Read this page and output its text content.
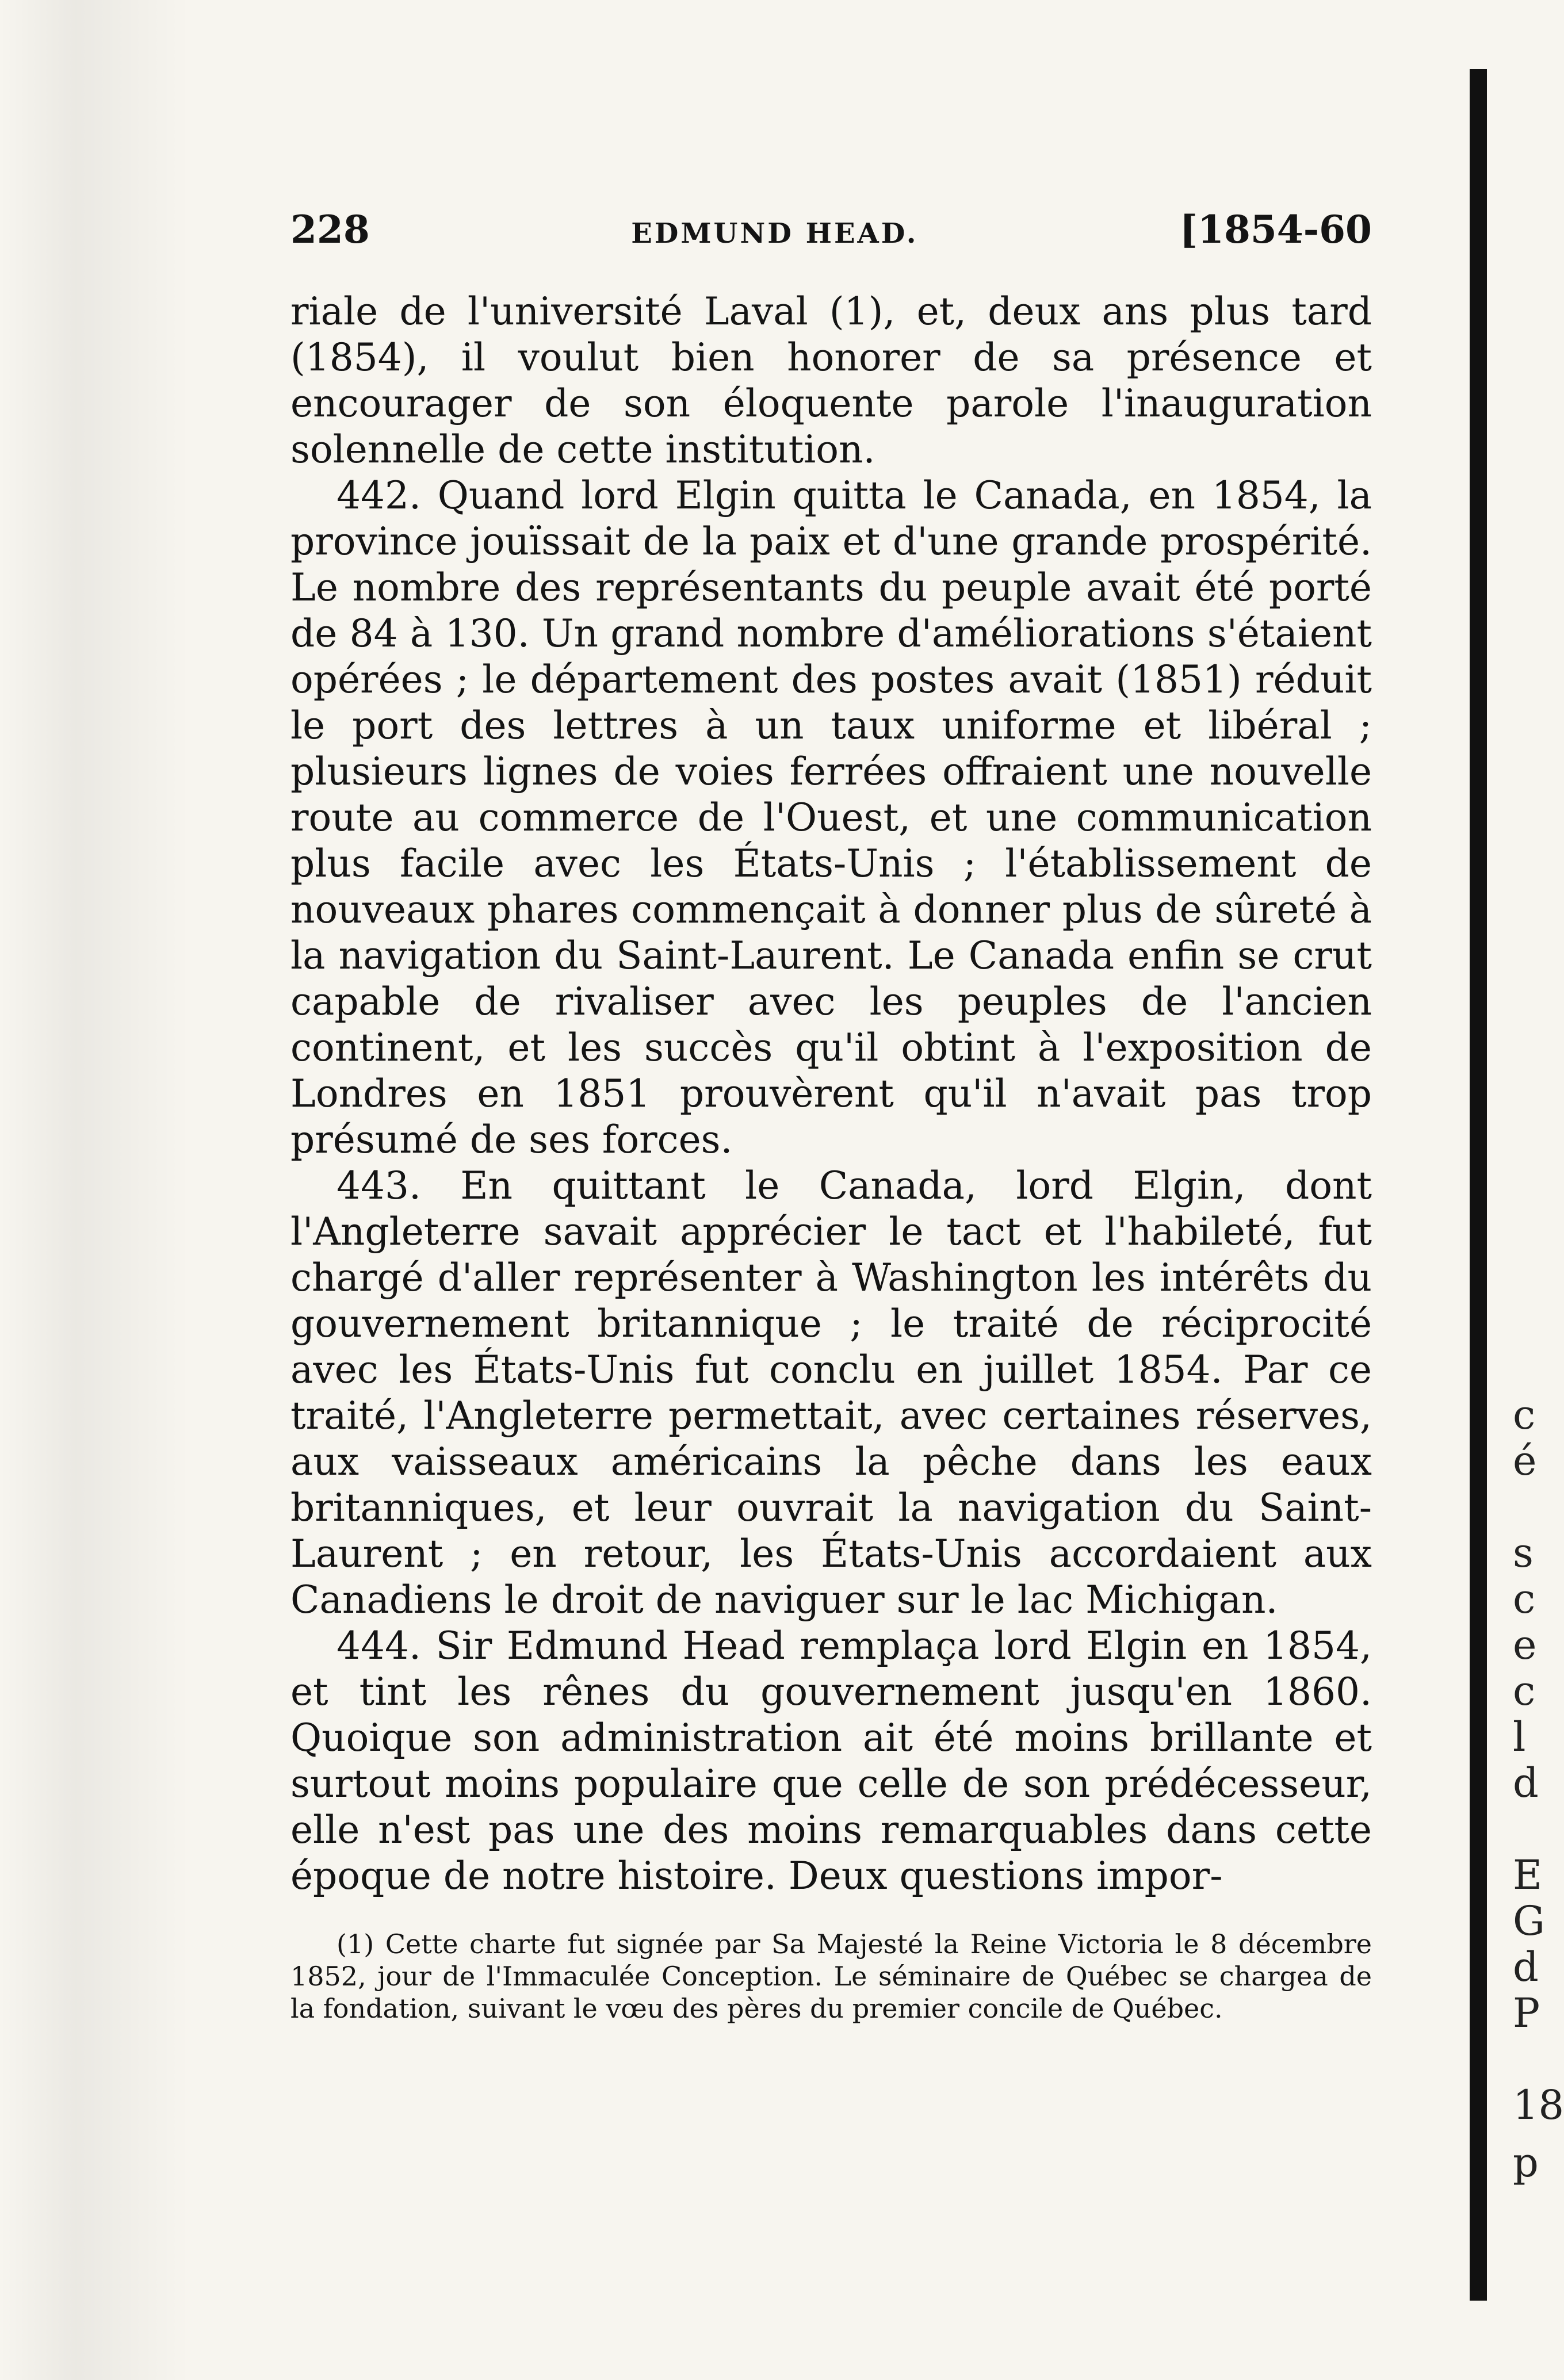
228	EDMUND HEAD.	[1854-60

riale de l'université Laval (1), et, deux ans plus tard (1854), il voulut bien honorer de sa présence et encourager de son éloquente parole l'inauguration solennelle de cette institution.

442. Quand lord Elgin quitta le Canada, en 1854, la province jouïssait de la paix et d'une grande prospérité. Le nombre des représentants du peuple avait été porté de 84 à 130. Un grand nombre d'améliorations s'étaient opérées ; le département des postes avait (1851) réduit le port des lettres à un taux uniforme et libéral ; plusieurs lignes de voies ferrées offraient une nouvelle route au commerce de l'Ouest, et une communication plus facile avec les États-Unis ; l'établissement de nouveaux phares commençait à donner plus de sûreté à la navigation du Saint-Laurent. Le Canada enfin se crut capable de rivaliser avec les peuples de l'ancien continent, et les succès qu'il obtint à l'exposition de Londres en 1851 prouvèrent qu'il n'avait pas trop présumé de ses forces.

443. En quittant le Canada, lord Elgin, dont l'Angleterre savait apprécier le tact et l'habileté, fut chargé d'aller représenter à Washington les intérêts du gouvernement britannique ; le traité de réciprocité avec les États-Unis fut conclu en juillet 1854. Par ce traité, l'Angleterre permettait, avec certaines réserves, aux vaisseaux américains la pêche dans les eaux britanniques, et leur ouvrait la navigation du Saint-Laurent ; en retour, les États-Unis accordaient aux Canadiens le droit de naviguer sur le lac Michigan.

444. Sir Edmund Head remplaça lord Elgin en 1854, et tint les rênes du gouvernement jusqu'en 1860. Quoique son administration ait été moins brillante et surtout moins populaire que celle de son prédécesseur, elle n'est pas une des moins remarquables dans cette époque de notre histoire. Deux questions impor-

(1) Cette charte fut signée par Sa Majesté la Reine Victoria le 8 décembre 1852, jour de l'Immaculée Conception. Le séminaire de Québec se chargea de la fondation, suivant le vœu des pères du premier concile de Québec.
c
é
s
c
e
c
l
d
E
G
d
P
18
p
